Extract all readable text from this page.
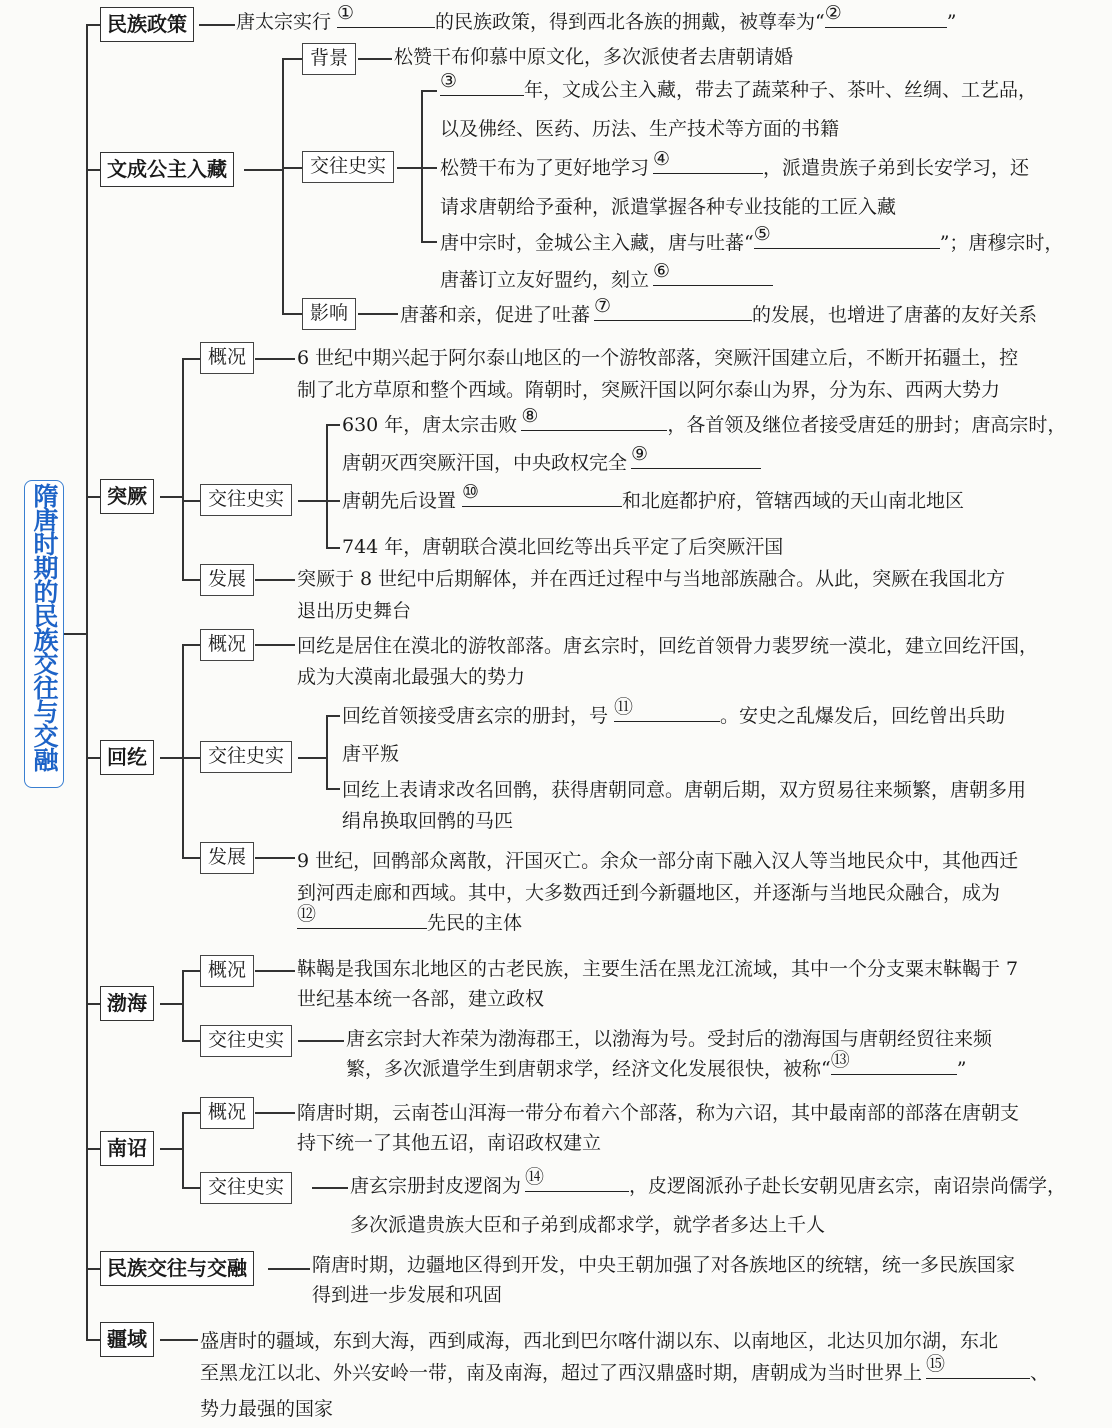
隋唐时期的民族交往与交融
民族政策	唐太宗实行 ①	的民族政策，得到西北各族的拥戴，被尊奉为“ ②	”
文成公主入藏
背景	松赞干布仰慕中原文化，多次派使者去唐朝请婚
交往史实
③	年，文成公主入藏，带去了蔬菜种子、茶叶、丝绸、工艺品，
以及佛经、医药、历法、生产技术等方面的书籍
松赞干布为了更好地学习 ④	，派遣贵族子弟到长安学习，还
请求唐朝给予蚕种，派遣掌握各种专业技能的工匠入藏
唐中宗时，金城公主入藏，唐与吐蕃“ ⑤	”；唐穆宗时，
唐蕃订立友好盟约，刻立 ⑥
影响	唐蕃和亲，促进了吐蕃 ⑦	的发展，也增进了唐蕃的友好关系
突厥
概况	6 世纪中期兴起于阿尔泰山地区的一个游牧部落，突厥汗国建立后，不断开拓疆土，控
制了北方草原和整个西域。隋朝时，突厥汗国以阿尔泰山为界，分为东、西两大势力
交往史实
630 年，唐太宗击败 ⑧	，各首领及继位者接受唐廷的册封；唐高宗时，
唐朝灭西突厥汗国，中央政权完全 ⑨
唐朝先后设置 ⑩	和北庭都护府，管辖西域的天山南北地区
744 年，唐朝联合漠北回纥等出兵平定了后突厥汗国
发展	突厥于 8 世纪中后期解体，并在西迁过程中与当地部族融合。从此，突厥在我国北方
退出历史舞台
回纥
概况	回纥是居住在漠北的游牧部落。唐玄宗时，回纥首领骨力裴罗统一漠北，建立回纥汗国，
成为大漠南北最强大的势力
交往史实
回纥首领接受唐玄宗的册封，号 ⑪	。安史之乱爆发后，回纥曾出兵助
唐平叛
回纥上表请求改名回鹘，获得唐朝同意。唐朝后期，双方贸易往来频繁，唐朝多用
绢帛换取回鹘的马匹
发展	9 世纪，回鹘部众离散，汗国灭亡。余众一部分南下融入汉人等当地民众中，其他西迁
到河西走廊和西域。其中，大多数西迁到今新疆地区，并逐渐与当地民众融合，成为
⑫	先民的主体
渤海
概况	靺鞨是我国东北地区的古老民族，主要生活在黑龙江流域，其中一个分支粟末靺鞨于 7
世纪基本统一各部，建立政权
交往史实	唐玄宗封大祚荣为渤海郡王，以渤海为号。受封后的渤海国与唐朝经贸往来频
繁，多次派遣学生到唐朝求学，经济文化发展很快，被称“ ⑬	”
南诏
概况	隋唐时期，云南苍山洱海一带分布着六个部落，称为六诏，其中最南部的部落在唐朝支
持下统一了其他五诏，南诏政权建立
交往史实	唐玄宗册封皮逻阁为 ⑭	，皮逻阁派孙子赴长安朝见唐玄宗，南诏崇尚儒学，
多次派遣贵族大臣和子弟到成都求学，就学者多达上千人
民族交往与交融	隋唐时期，边疆地区得到开发，中央王朝加强了对各族地区的统辖，统一多民族国家
得到进一步发展和巩固
疆域	盛唐时的疆域，东到大海，西到咸海，西北到巴尔喀什湖以东、以南地区，北达贝加尔湖，东北
至黑龙江以北、外兴安岭一带，南及南海，超过了西汉鼎盛时期，唐朝成为当时世界上 ⑮	、
势力最强的国家
